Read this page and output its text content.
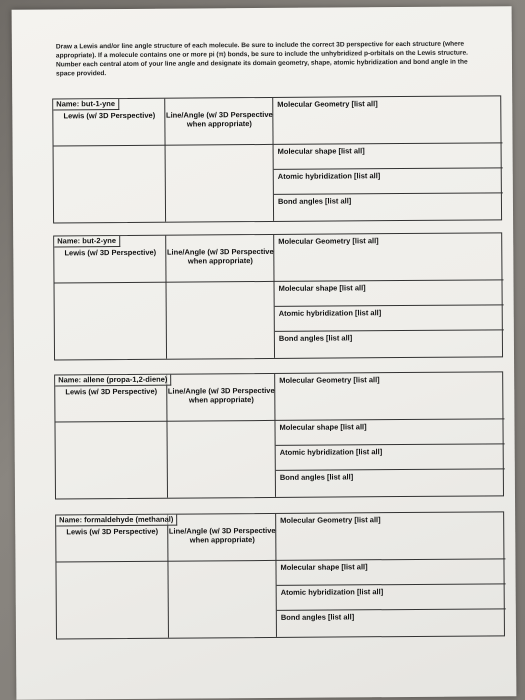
Draw a Lewis and/or line angle structure of each molecule. Be sure to include the correct 3D perspective for each structure (where appropriate). If a molecule contains one or more pi (π) bonds, be sure to include the unhybridized p-orbitals on the Lewis structure. Number each central atom of your line angle and designate its domain geometry, shape, atomic hybridization and bond angle in the space provided.
Name: but-1-yne
Lewis (w/ 3D Perspective)	Line/Angle (w/ 3D Perspective when appropriate)
Molecular Geometry [list all]
Molecular shape [list all]
Atomic hybridization [list all]
Bond angles [list all]
Name: but-2-yne
Lewis (w/ 3D Perspective)	Line/Angle (w/ 3D Perspective when appropriate)
Molecular Geometry [list all]
Molecular shape [list all]
Atomic hybridization [list all]
Bond angles [list all]
Name: allene (propa-1,2-diene)
Lewis (w/ 3D Perspective)	Line/Angle (w/ 3D Perspective when appropriate)
Molecular Geometry [list all]
Molecular shape [list all]
Atomic hybridization [list all]
Bond angles [list all]
Name: formaldehyde (methanal)
Lewis (w/ 3D Perspective)	Line/Angle (w/ 3D Perspective when appropriate)
Molecular Geometry [list all]
Molecular shape [list all]
Atomic hybridization [list all]
Bond angles [list all]
